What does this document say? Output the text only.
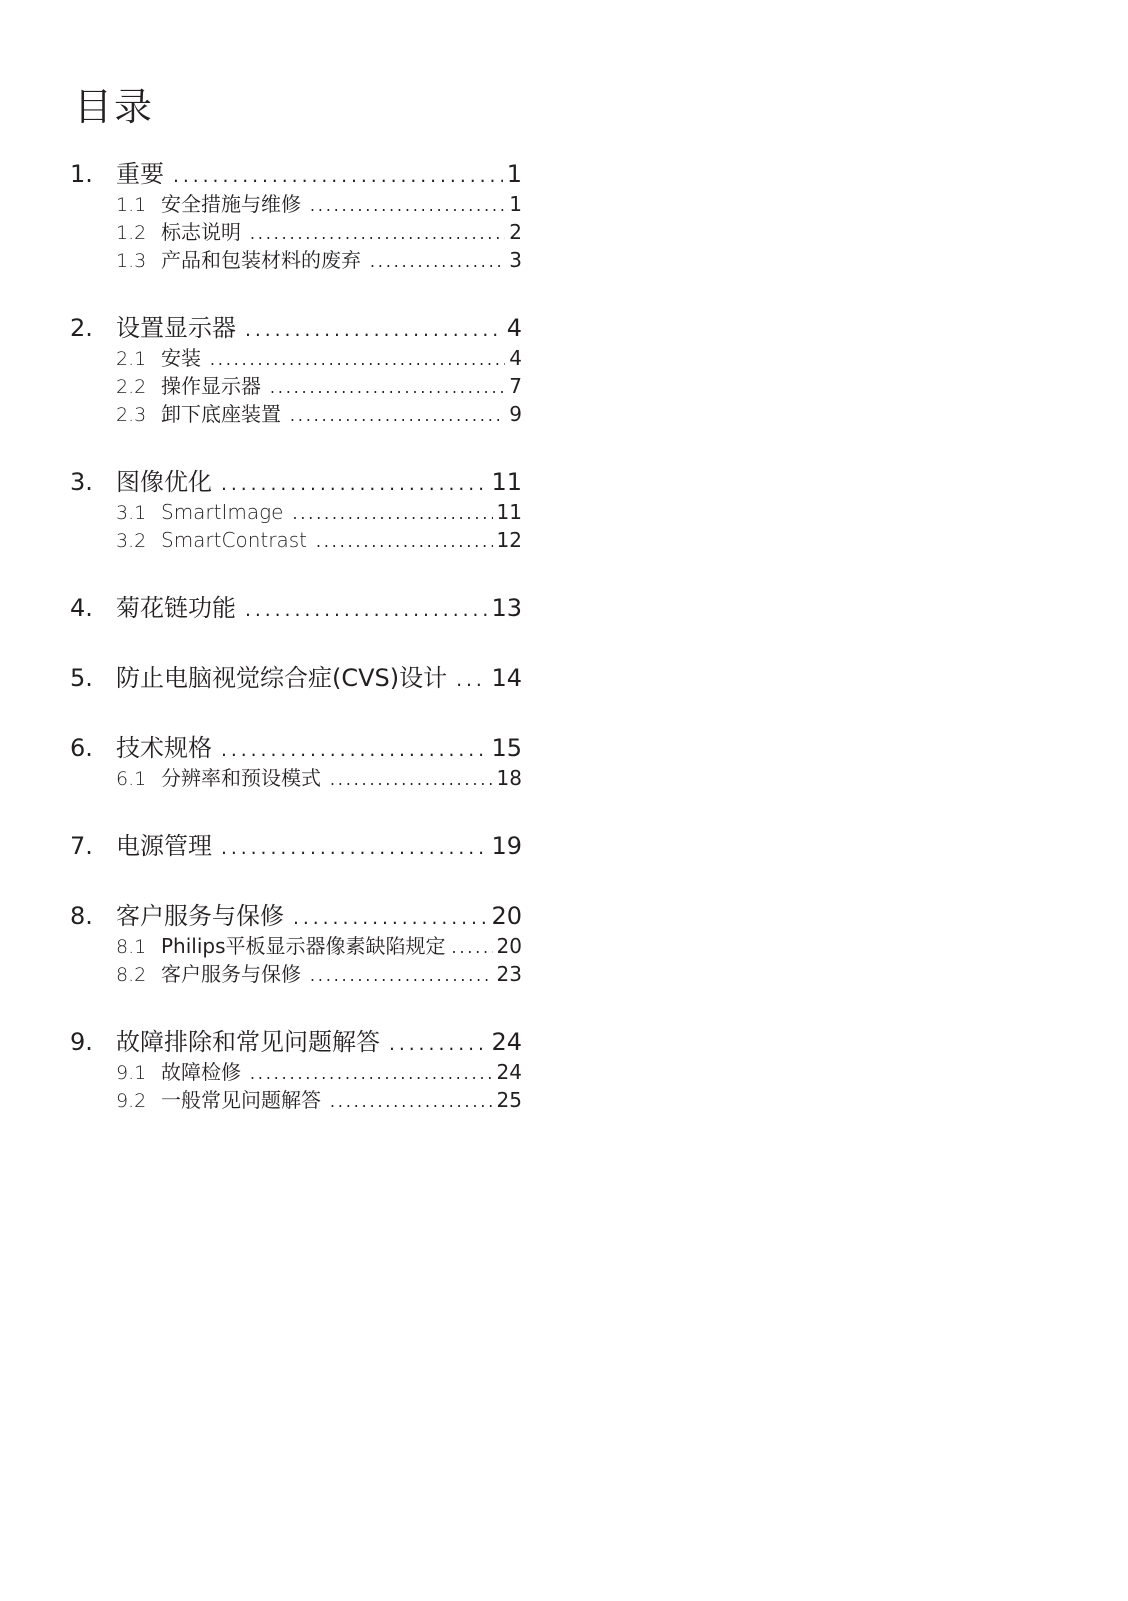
目录
1. 重要 . . .	1
1.1 安全措施与维修 . . .	1
1.2 标志说明 . . .	2
1.3 产品和包装材料的废弃 . . .	3
2. 设置显示器 . . .	4
2.1 安装 . . .	4
2.2 操作显示器 . . .	7
2.3 卸下底座装置 . . .	9
3. 图像优化 . . .	11
3.1 SmartImage . . .	11
3.2 SmartContrast . . .	12
4. 菊花链功能 . . .	13
5. 防止电脑视觉综合症(CVS)设计 . . . 14
6. 技术规格 . . .	15
6.1 分辨率和预设模式 . . .	18
7. 电源管理 . . .	19
8. 客户服务与保修 . . .	20
8.1 Philips平板显示器像素缺陷规定 . . .	20
8.2 客户服务与保修 . . .	23
9. 故障排除和常见问题解答 . . .	24
9.1 故障检修 . . .	24
9.2 一般常见问题解答 . . .	25
